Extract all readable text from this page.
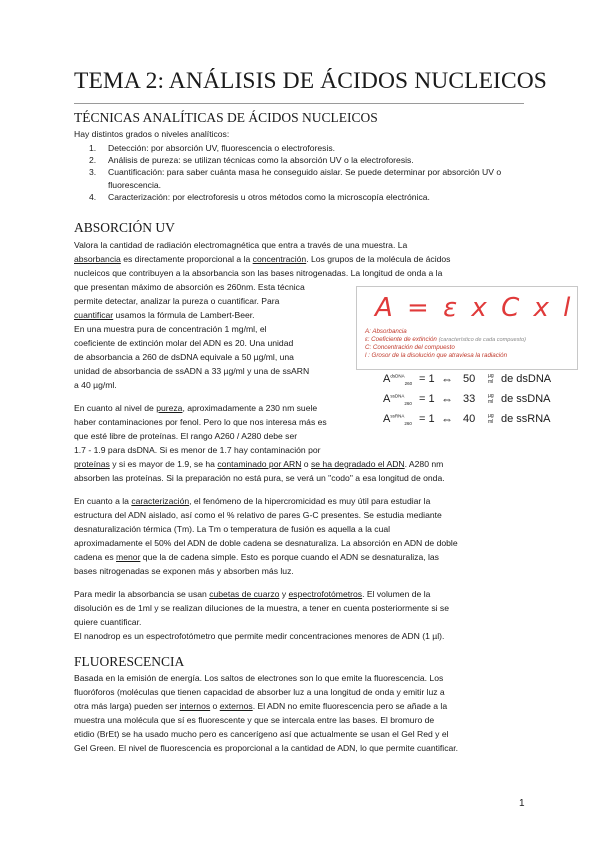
TEMA 2: ANÁLISIS DE ÁCIDOS NUCLEICOS
TÉCNICAS ANALÍTICAS DE ÁCIDOS NUCLEICOS
Hay distintos grados o niveles analíticos:
1. Detección: por absorción UV, fluorescencia o electroforesis.
2. Análisis de pureza: se utilizan técnicas como la absorción UV o la electroforesis.
3. Cuantificación: para saber cuánta masa he conseguido aislar. Se puede determinar por absorción UV o fluorescencia.
4. Caracterización: por electroforesis u otros métodos como la microscopía electrónica.
ABSORCIÓN UV
Valora la cantidad de radiación electromagnética que entra a través de una muestra. La
absorbancia es directamente proporcional a la concentración. Los grupos de la molécula de ácidos
nucleicos que contribuyen a la absorbancia son las bases nitrogenadas. La longitud de onda a la
que presentan máximo de absorción es 260nm. Esta técnica
permite detectar, analizar la pureza o cuantificar. Para
cuantificar usamos la fórmula de Lambert-Beer.
En una muestra pura de concentración 1 mg/ml, el
coeficiente de extinción molar del ADN es 20. Una unidad
de absorbancia a 260 de dsDNA equivale a 50 µg/ml, una
unidad de absorbancia de ssADN a 33 µg/ml y una de ssARN
a 40 µg/ml.
En cuanto al nivel de pureza, aproximadamente a 230 nm suele
haber contaminaciones por fenol. Pero lo que nos interesa más es
que esté libre de proteínas. El rango A260 / A280 debe ser
1.7 - 1.9 para dsDNA. Si es menor de 1.7 hay contaminación por
proteínas y si es mayor de 1.9, se ha contaminado por ARN o se ha degradado el ADN. A280 nm
absorben las proteínas. Si la preparación no está pura, se verá un "codo" a esa longitud de onda.
En cuanto a la caracterización, el fenómeno de la hipercromicidad es muy útil para estudiar la
estructura del ADN aislado, así como el % relativo de pares G-C presentes. Se estudia mediante
desnaturalización térmica (Tm). La Tm o temperatura de fusión es aquella a la cual
aproximadamente el 50% del ADN de doble cadena se desnaturaliza. La absorción en ADN de doble
cadena es menor que la de cadena simple. Esto es porque cuando el ADN se desnaturaliza, las
bases nitrogenadas se exponen más y absorben más luz.
Para medir la absorbancia se usan cubetas de cuarzo y espectrofotómetros. El volumen de la
disolución es de 1ml y se realizan diluciones de la muestra, a tener en cuenta posteriormente si se
quiere cuantificar.
El nanodrop es un espectrofotómetro que permite medir concentraciones menores de ADN (1 µl).
A = ε x C x l
A: Absorbancia
ε: Coeficiente de extinción (característico de cada compuesto)
C: Concentración del compuesto
l : Grosor de la disolución que atraviesa la radiación
$A^{dsDNA}_{260} = 1$ ⇔ 50	µg
ml de dsDNA
$A^{ssDNA}_{260} = 1$ ⇔ 33	µg
ml de ssDNA
$A^{ssRNA}_{260} = 1$ ⇔ 40	µg
ml de ssRNA
FLUORESCENCIA
Basada en la emisión de energía. Los saltos de electrones son lo que emite la fluorescencia. Los
fluoróforos (moléculas que tienen capacidad de absorber luz a una longitud de onda y emitir luz a
otra más larga) pueden ser internos o externos. El ADN no emite fluorescencia pero se añade a la
muestra una molécula que sí es fluorescente y que se intercala entre las bases. El bromuro de
etidio (BrEt) se ha usado mucho pero es cancerígeno así que actualmente se usan el Gel Red y el
Gel Green. El nivel de fluorescencia es proporcional a la cantidad de ADN, lo que permite cuantificar.
1
